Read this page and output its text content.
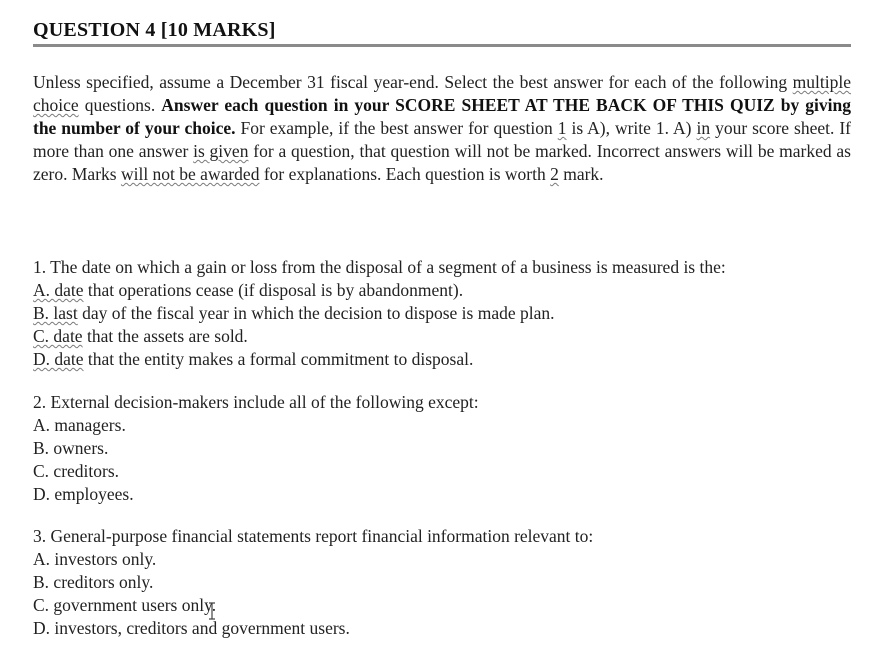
QUESTION 4 [10 MARKS]
Unless specified, assume a December 31 fiscal year-end. Select the best answer for each of the following multiple choice questions. Answer each question in your SCORE SHEET AT THE BACK OF THIS QUIZ by giving the number of your choice. For example, if the best answer for question 1 is A), write 1. A) in your score sheet. If more than one answer is given for a question, that question will not be marked. Incorrect answers will be marked as zero. Marks will not be awarded for explanations. Each question is worth 2 mark.
1. The date on which a gain or loss from the disposal of a segment of a business is measured is the:
A. date that operations cease (if disposal is by abandonment).
B. last day of the fiscal year in which the decision to dispose is made plan.
C. date that the assets are sold.
D. date that the entity makes a formal commitment to disposal.
2. External decision-makers include all of the following except:
A. managers.
B. owners.
C. creditors.
D. employees.
3. General-purpose financial statements report financial information relevant to:
A. investors only.
B. creditors only.
C. government users only.
D. investors, creditors and government users.
